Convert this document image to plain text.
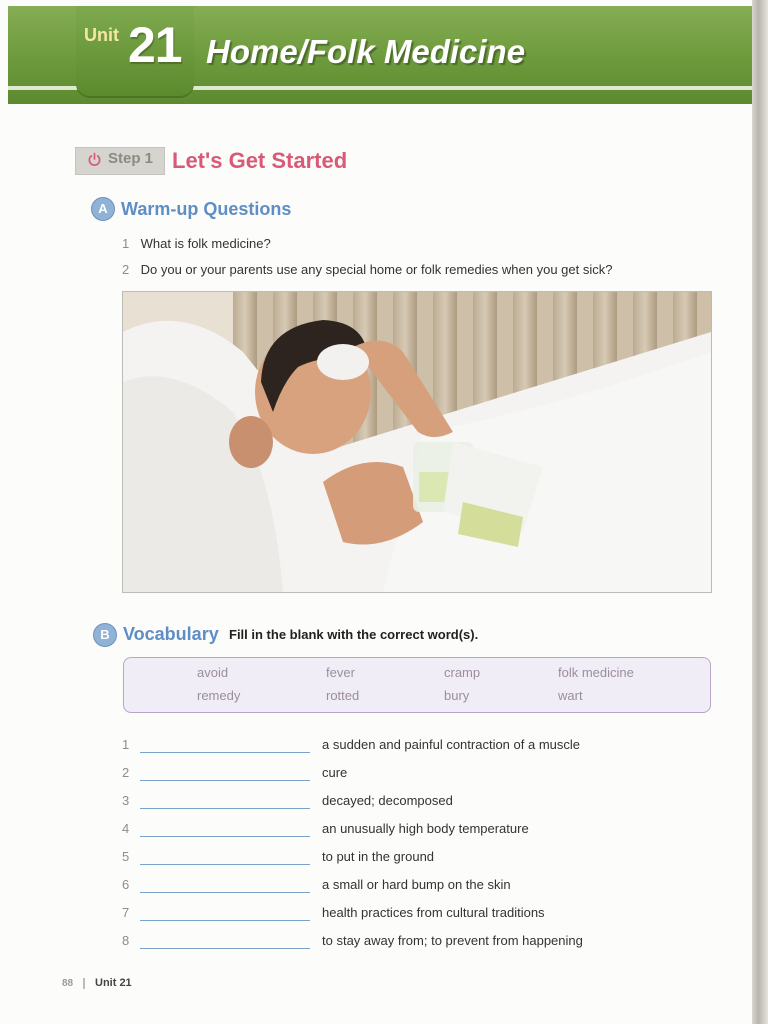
Unit 21 Home/Folk Medicine
Step 1 Let's Get Started
A Warm-up Questions
1 What is folk medicine?
2 Do you or your parents use any special home or folk remedies when you get sick?
B Vocabulary Fill in the blank with the correct word(s).
avoid	fever	cramp	folk medicine
remedy	rotted	bury	wart
1	a sudden and painful contraction of a muscle
2	cure
3	decayed; decomposed
4	an unusually high body temperature
5	to put in the ground
6	a small or hard bump on the skin
7	health practices from cultural traditions
8	to stay away from; to prevent from happening
88 Unit 21
